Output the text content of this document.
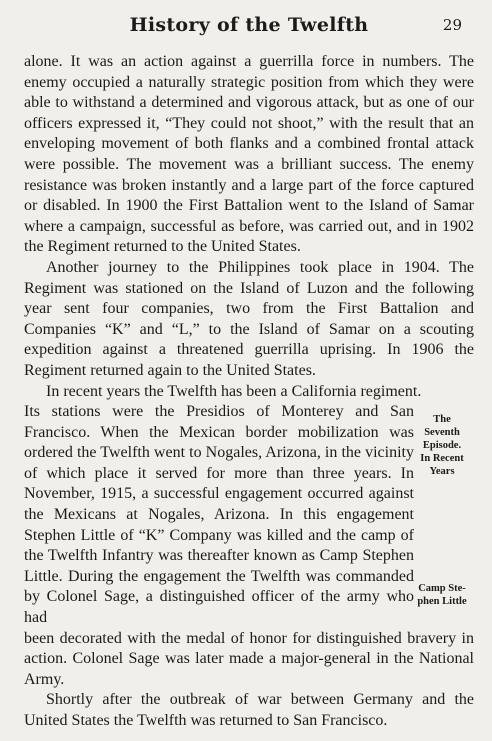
History of the Twelfth	29

alone. It was an action against a guerrilla force in numbers. The enemy occupied a naturally strategic position from which they were able to withstand a determined and vigorous attack, but as one of our officers expressed it, “They could not shoot,” with the result that an enveloping movement of both flanks and a combined frontal attack were possible. The movement was a brilliant success. The enemy resistance was broken instantly and a large part of the force captured or disabled. In 1900 the First Battalion went to the Island of Samar where a campaign, successful as before, was carried out, and in 1902 the Regiment returned to the United States.

Another journey to the Philippines took place in 1904. The Regiment was stationed on the Island of Luzon and the following year sent four companies, two from the First Battalion and Companies “K” and “L,” to the Island of Samar on a scouting expedition against a threatened guerrilla uprising. In 1906 the Regiment returned again to the United States.

In recent years the Twelfth has been a California regiment.

Its stations were the Presidios of Monterey and San Francisco. When the Mexican border mobilization was ordered the Twelfth went to Nogales, Arizona, in the vicinity of which place it served for more than three years. In November, 1915, a successful engagement occurred against the Mexicans at Nogales, Arizona. In this engagement Stephen Little of “K” Company was killed and the camp of the Twelfth Infantry was thereafter known as Camp Stephen Little. During the engagement the Twelfth was commanded by Colonel Sage, a distinguished officer of the army who had

been decorated with the medal of honor for distinguished bravery in action. Colonel Sage was later made a major-general in the National Army.

Shortly after the outbreak of war between Germany and the United States the Twelfth was returned to San Francisco.

The
Seventh
Episode.
In Recent
Years
Camp Ste-
phen Little
